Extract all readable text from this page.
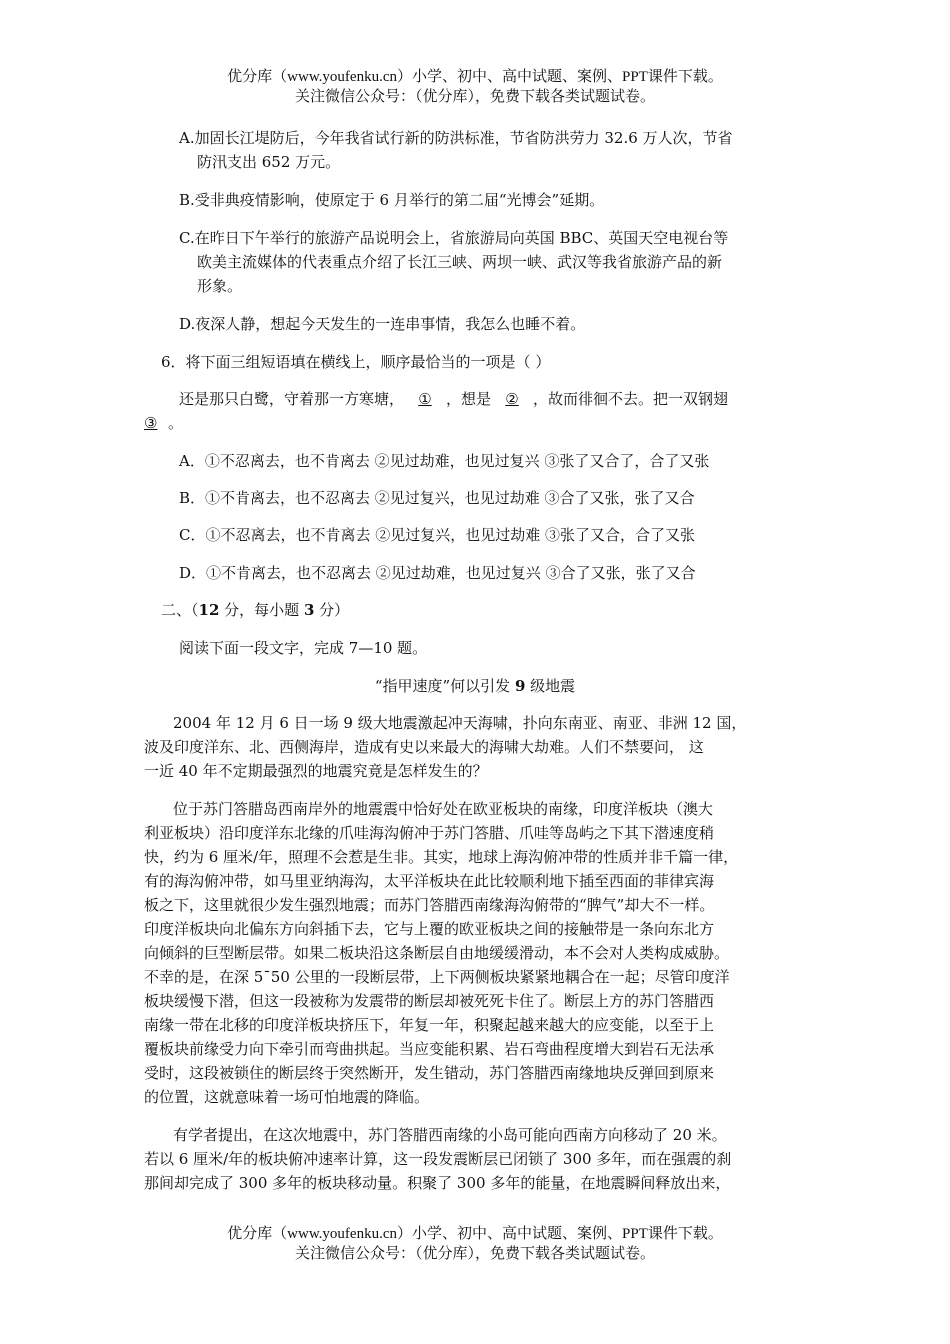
优分库（www.youfenku.cn）小学、初中、高中试题、案例、PPT课件下载。
关注微信公众号：（优分库），免费下载各类试题试卷。
A.加固长江堤防后，今年我省试行新的防洪标准，节省防洪劳力 32.6 万人次，节省
防汛支出 652 万元。
B.受非典疫情影响，使原定于 6 月举行的第二届“光博会”延期。
C.在昨日下午举行的旅游产品说明会上，省旅游局向英国 BBC、英国天空电视台等
欧美主流媒体的代表重点介绍了长江三峡、两坝一峡、武汉等我省旅游产品的新
形象。
D.夜深人静，想起今天发生的一连串事情，我怎么也睡不着。
6．将下面三组短语填在横线上，顺序最恰当的一项是（ ）
还是那只白鹭，守着那一方寒塘， ① ，想是 ② ，故而徘徊不去。把一双钢翅
③ 。
A．①不忍离去，也不肯离去 ②见过劫难，也见过复兴 ③张了又合了，合了又张
B．①不肯离去，也不忍离去 ②见过复兴，也见过劫难 ③合了又张，张了又合
C．①不忍离去，也不肯离去 ②见过复兴，也见过劫难 ③张了又合，合了又张
D．①不肯离去，也不忍离去 ②见过劫难，也见过复兴 ③合了又张，张了又合
二、（12 分，每小题 3 分）
阅读下面一段文字，完成 7—10 题。
“指甲速度”何以引发 9 级地震
2004 年 12 月 6 日一场 9 级大地震激起冲天海啸，扑向东南亚、南亚、非洲 12 国，
波及印度洋东、北、西侧海岸，造成有史以来最大的海啸大劫难。人们不禁要问， 这
一近 40 年不定期最强烈的地震究竟是怎样发生的？
位于苏门答腊岛西南岸外的地震震中恰好处在欧亚板块的南缘，印度洋板块（澳大
利亚板块）沿印度洋东北缘的爪哇海沟俯冲于苏门答腊、爪哇等岛屿之下其下潜速度稍
快，约为 6 厘米/年，照理不会惹是生非。其实，地球上海沟俯冲带的性质并非千篇一律，
有的海沟俯冲带，如马里亚纳海沟，太平洋板块在此比较顺利地下插至西面的菲律宾海
板之下，这里就很少发生强烈地震；而苏门答腊西南缘海沟俯带的“脾气”却大不一样。
印度洋板块向北偏东方向斜插下去，它与上覆的欧亚板块之间的接触带是一条向东北方
向倾斜的巨型断层带。如果二板块沿这条断层自由地缓缓滑动，本不会对人类构成威胁。
不幸的是，在深 5¯50 公里的一段断层带，上下两侧板块紧紧地耦合在一起；尽管印度洋
板块缓慢下潜，但这一段被称为发震带的断层却被死死卡住了。断层上方的苏门答腊西
南缘一带在北移的印度洋板块挤压下，年复一年，积聚起越来越大的应变能，以至于上
覆板块前缘受力向下牵引而弯曲拱起。当应变能积累、岩石弯曲程度增大到岩石无法承
受时，这段被锁住的断层终于突然断开，发生错动，苏门答腊西南缘地块反弹回到原来
的位置，这就意味着一场可怕地震的降临。
有学者提出，在这次地震中，苏门答腊西南缘的小岛可能向西南方向移动了 20 米。
若以 6 厘米/年的板块俯冲速率计算，这一段发震断层已闭锁了 300 多年，而在强震的刹
那间却完成了 300 多年的板块移动量。积聚了 300 多年的能量，在地震瞬间释放出来，
优分库（www.youfenku.cn）小学、初中、高中试题、案例、PPT课件下载。
关注微信公众号：（优分库），免费下载各类试题试卷。
